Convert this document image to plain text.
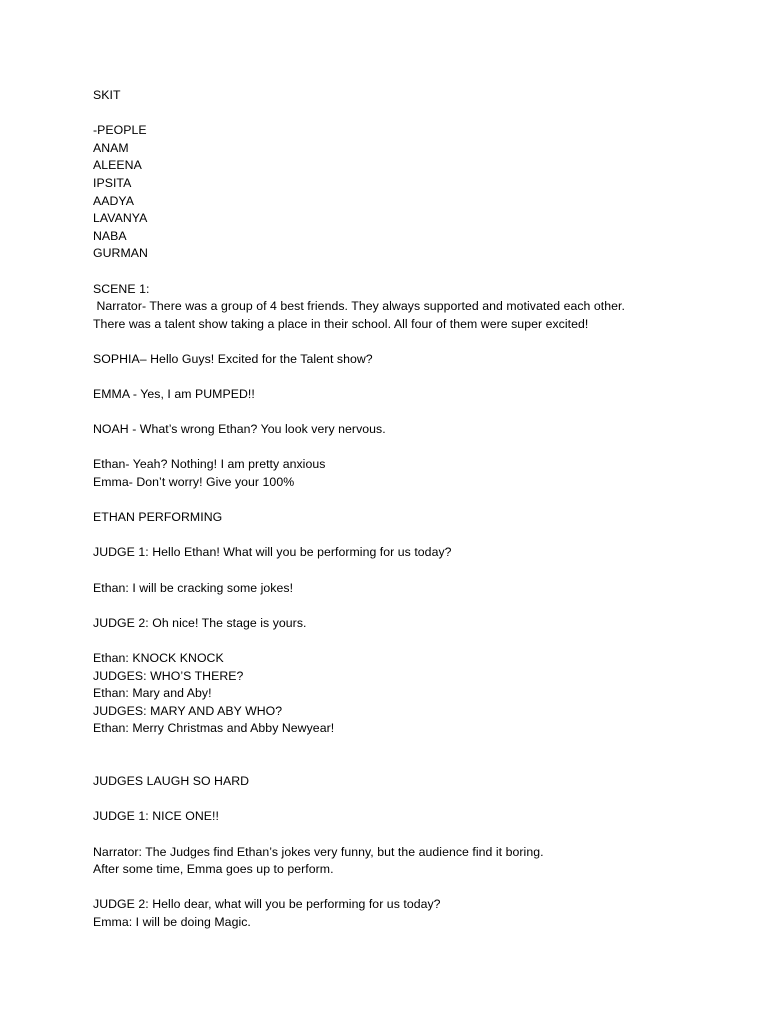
SKIT
-PEOPLE
ANAM
ALEENA
IPSITA
AADYA
LAVANYA
NABA
GURMAN
SCENE 1:
Narrator- There was a group of 4 best friends. They always supported and motivated each other.
There was a talent show taking a place in their school. All four of them were super excited!
SOPHIA– Hello Guys! Excited for the Talent show?
EMMA - Yes, I am PUMPED!!
NOAH - What’s wrong Ethan? You look very nervous.
Ethan- Yeah? Nothing! I am pretty anxious
Emma- Don’t worry! Give your 100%
ETHAN PERFORMING
JUDGE 1: Hello Ethan! What will you be performing for us today?
Ethan: I will be cracking some jokes!
JUDGE 2: Oh nice! The stage is yours.
Ethan: KNOCK KNOCK
JUDGES: WHO’S THERE?
Ethan: Mary and Aby!
JUDGES: MARY AND ABY WHO?
Ethan: Merry Christmas and Abby Newyear!
JUDGES LAUGH SO HARD
JUDGE 1: NICE ONE!!
Narrator: The Judges find Ethan’s jokes very funny, but the audience find it boring.
After some time, Emma goes up to perform.
JUDGE 2: Hello dear, what will you be performing for us today?
Emma: I will be doing Magic.
